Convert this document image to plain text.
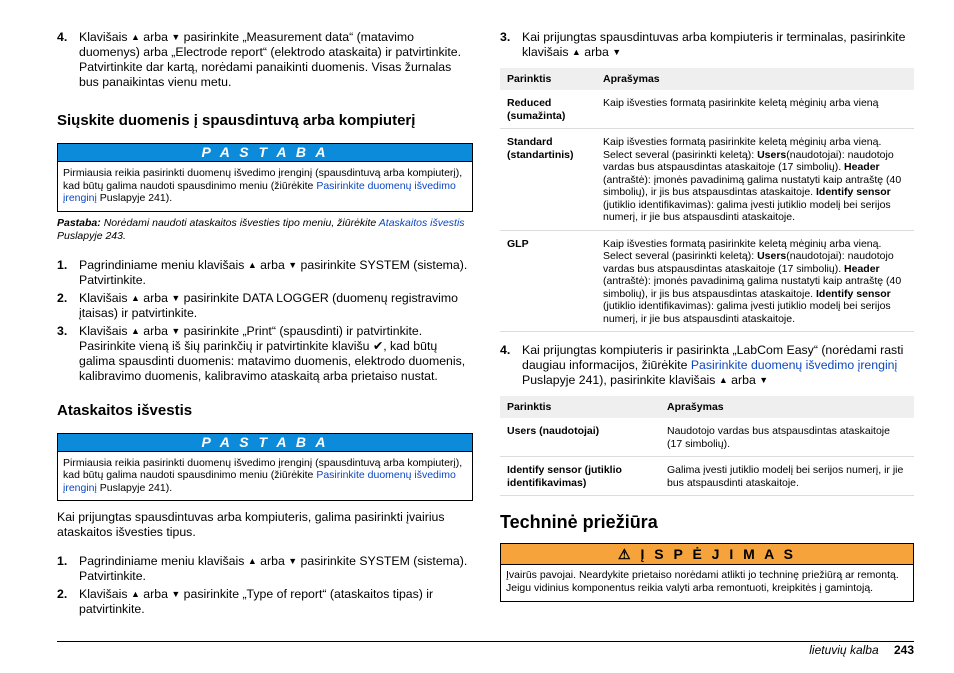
4. Klavišais ▲ arba ▼ pasirinkite „Measurement data“ (matavimo duomenys) arba „Electrode report“ (elektrodo ataskaita) ir patvirtinkite. Patvirtinkite dar kartą, norėdami panaikinti duomenis. Visas žurnalas bus panaikintas vienu metu.
Siųskite duomenis į spausdintuvą arba kompiuterį
P A S T A B A
Pirmiausia reikia pasirinkti duomenų išvedimo įrenginį (spausdintuvą arba kompiuterį), kad būtų galima naudoti spausdinimo meniu (žiūrėkite Pasirinkite duomenų išvedimo įrenginį Puslapyje 241).
Pastaba: Norėdami naudoti ataskaitos išvesties tipo meniu, žiūrėkite Ataskaitos išvestis Puslapyje 243.
1. Pagrindiniame meniu klavišais ▲ arba ▼ pasirinkite SYSTEM (sistema). Patvirtinkite.
2. Klavišais ▲ arba ▼ pasirinkite DATA LOGGER (duomenų registravimo įtaisas) ir patvirtinkite.
3. Klavišais ▲ arba ▼ pasirinkite „Print“ (spausdinti) ir patvirtinkite. Pasirinkite vieną iš šių parinkčių ir patvirtinkite klavišu ✔, kad būtų galima spausdinti duomenis: matavimo duomenis, elektrodo duomenis, kalibravimo duomenis, kalibravimo ataskaitą arba prietaiso nustat.
Ataskaitos išvestis
P A S T A B A
Pirmiausia reikia pasirinkti duomenų išvedimo įrenginį (spausdintuvą arba kompiuterį), kad būtų galima naudoti spausdinimo meniu (žiūrėkite Pasirinkite duomenų išvedimo įrenginį Puslapyje 241).
Kai prijungtas spausdintuvas arba kompiuteris, galima pasirinkti įvairius ataskaitos išvesties tipus.
1. Pagrindiniame meniu klavišais ▲ arba ▼ pasirinkite SYSTEM (sistema). Patvirtinkite.
2. Klavišais ▲ arba ▼ pasirinkite „Type of report“ (ataskaitos tipas) ir patvirtinkite.
3. Kai prijungtas spausdintuvas arba kompiuteris ir terminalas, pasirinkite klavišais ▲ arba ▼
Parinktis	Aprašymas
Reduced (sumažinta)	Kaip išvesties formatą pasirinkite keletą mėginių arba vieną
Standard (standartinis)	Kaip išvesties formatą pasirinkite keletą mėginių arba vieną. Select several (pasirinkti keletą): Users(naudotojai): naudotojo vardas bus atspausdintas ataskaitoje (17 simbolių). Header (antraštė): įmonės pavadinimą galima nustatyti kaip antraštę (40 simbolių), ir jis bus atspausdintas ataskaitoje. Identify sensor (jutiklio identifikavimas): galima įvesti jutiklio modelį bei serijos numerį, ir jie bus atspausdinti ataskaitoje.
GLP	Kaip išvesties formatą pasirinkite keletą mėginių arba vieną. Select several (pasirinkti keletą): Users(naudotojai): naudotojo vardas bus atspausdintas ataskaitoje (17 simbolių). Header (antraštė): įmonės pavadinimą galima nustatyti kaip antraštę (40 simbolių), ir jis bus atspausdintas ataskaitoje. Identify sensor (jutiklio identifikavimas): galima įvesti jutiklio modelį bei serijos numerį, ir jie bus atspausdinti ataskaitoje.
4. Kai prijungtas kompiuteris ir pasirinkta „LabCom Easy“ (norėdami rasti daugiau informacijos, žiūrėkite Pasirinkite duomenų išvedimo įrenginį Puslapyje 241), pasirinkite klavišais ▲ arba ▼
Parinktis	Aprašymas
Users (naudotojai)	Naudotojo vardas bus atspausdintas ataskaitoje (17 simbolių).
Identify sensor (jutiklio identifikavimas)	Galima įvesti jutiklio modelį bei serijos numerį, ir jie bus atspausdinti ataskaitoje.
Techninė priežiūra
⚠ Į S P Ė J I M A S
Įvairūs pavojai. Neardykite prietaiso norėdami atlikti jo techninę priežiūrą ar remontą. Jeigu vidinius komponentus reikia valyti arba remontuoti, kreipkitės į gamintoją.
lietuvių kalba 243
